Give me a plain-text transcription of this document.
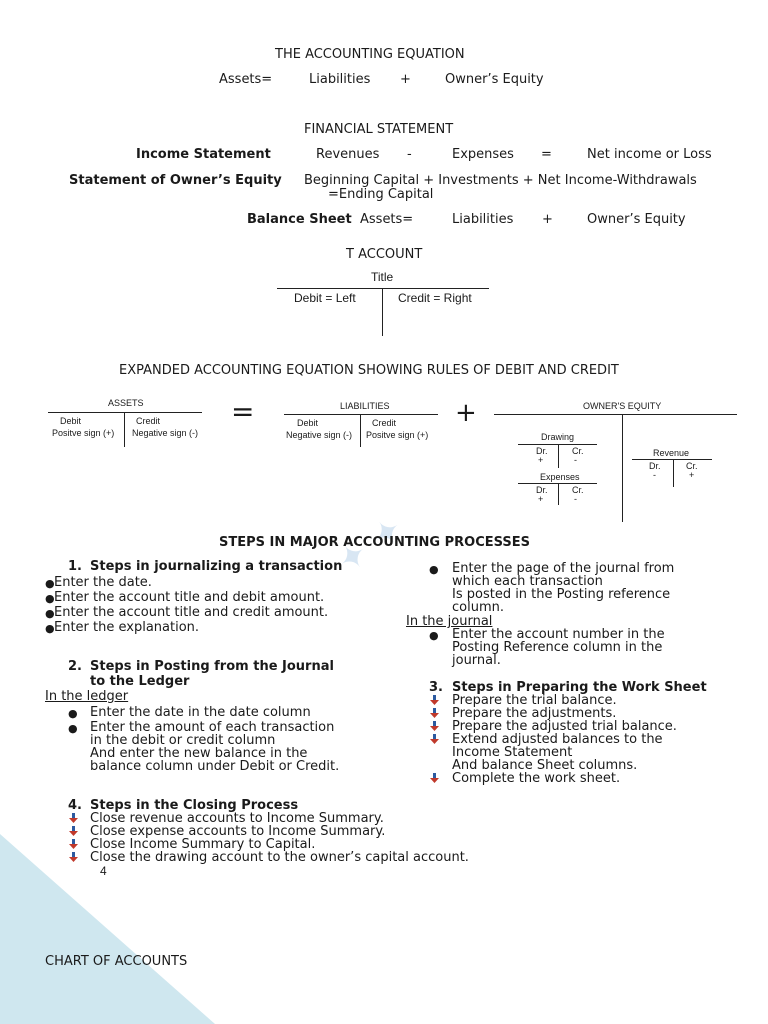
✦ ✦
THE ACCOUNTING EQUATION
Assets=	Liabilities +	Owner’s Equity
FINANCIAL STATEMENT
Income Statement	Revenues -	Expenses =	Net income or Loss
Statement of Owner’s Equity Beginning Capital + Investments + Net Income-Withdrawals
=Ending Capital
Balance Sheet Assets=	Liabilities +	Owner’s Equity
T ACCOUNT
Title
Debit = Left	Credit = Right
EXPANDED ACCOUNTING EQUATION SHOWING RULES OF DEBIT AND CREDIT
ASSETS
Debit	Credit
Positve sign (+) Negative sign (-)
=	LIABILITIES
Debit	Credit
Negative sign (-) Positve sign (+)
+	OWNER'S EQUITY
Drawing
Dr.	Cr.
+	-
Expenses
Dr.	Cr.
+	-
Revenue
Dr.	Cr.
-	+
STEPS IN MAJOR ACCOUNTING PROCESSES
1. Steps in journalizing a transaction
● Enter the date.
● Enter the account title and debit amount.
● Enter the account title and credit amount.
● Enter the explanation.
2. Steps in Posting from the Journal
to the Ledger
In the ledger
● Enter the date in the date column
● Enter the amount of each transaction
in the debit or credit column
And enter the new balance in the
balance column under Debit or Credit.
● Enter the page of the journal from
which each transaction
Is posted in the Posting reference
column.
In the journal
● Enter the account number in the
Posting Reference column in the
journal.
3. Steps in Preparing the Work Sheet
Prepare the trial balance.
Prepare the adjustments.
Prepare the adjusted trial balance.
Extend adjusted balances to the
Income Statement
And balance Sheet columns.
Complete the work sheet.
4. Steps in the Closing Process
Close revenue accounts to Income Summary.
Close expense accounts to Income Summary.
Close Income Summary to Capital.
Close the drawing account to the owner’s capital account.
4
CHART OF ACCOUNTS
